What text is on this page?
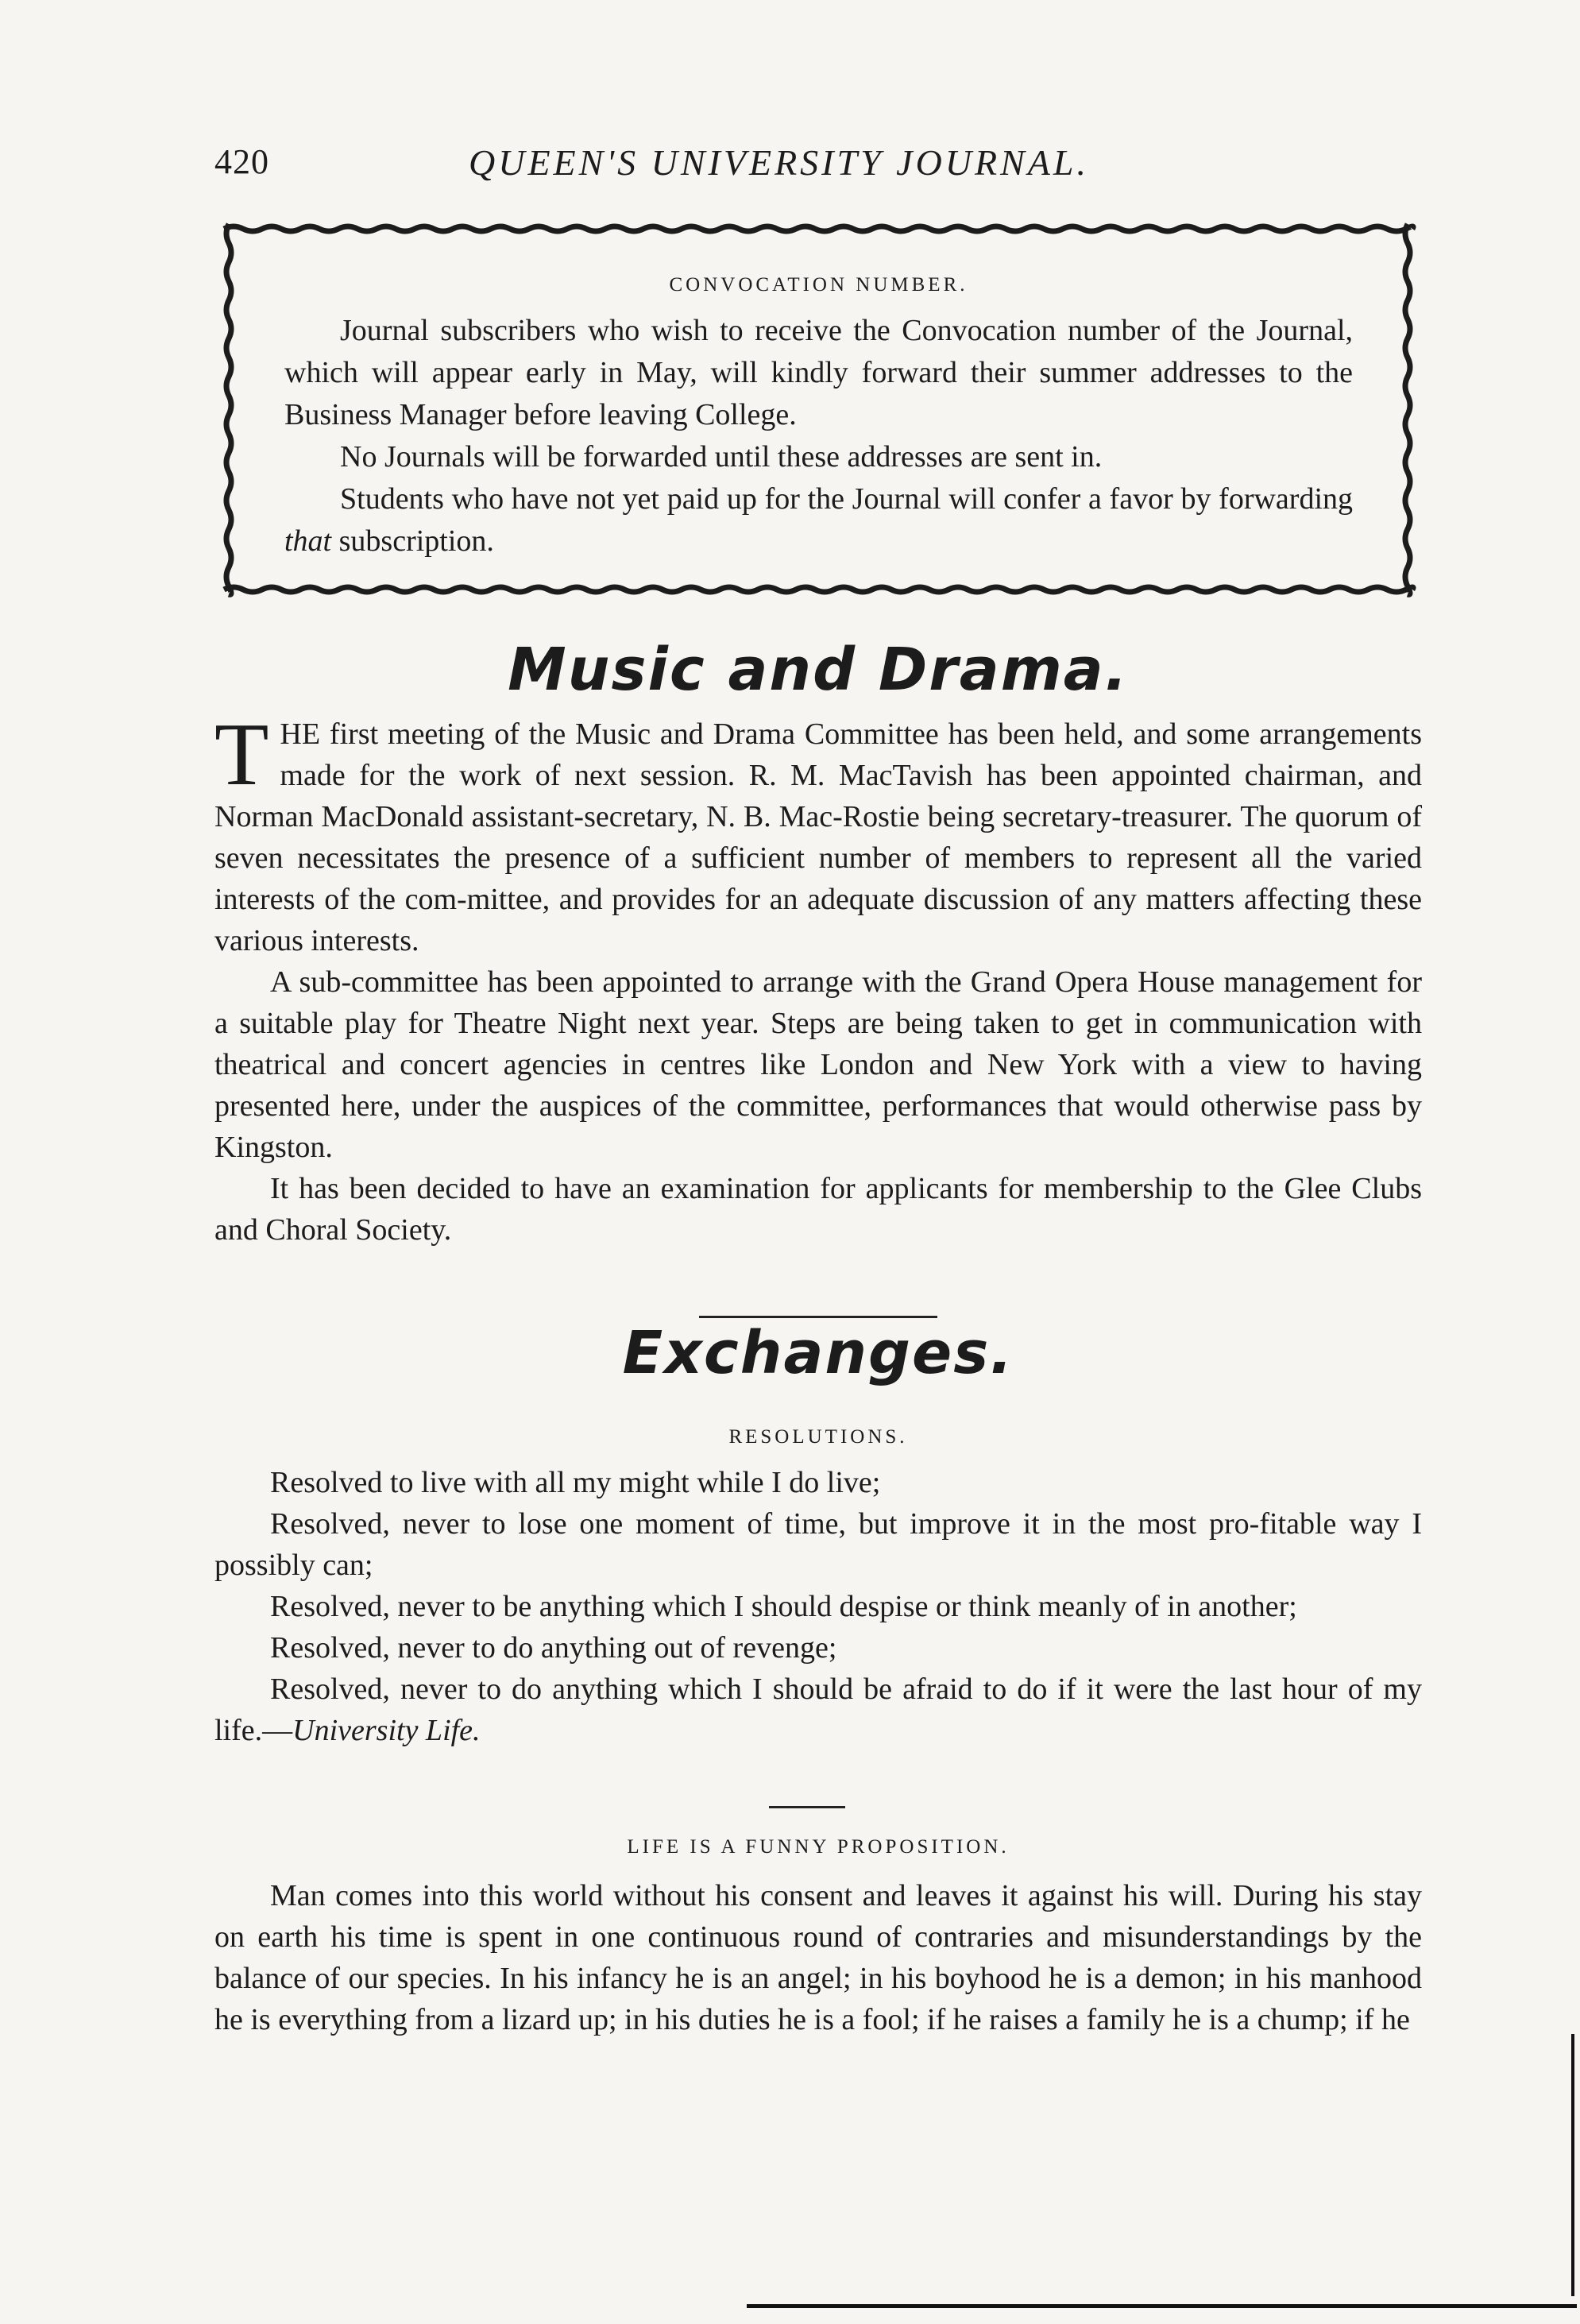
420	QUEEN'S UNIVERSITY JOURNAL.
CONVOCATION NUMBER.

Journal subscribers who wish to receive the Convocation number of the Journal, which will appear early in May, will kindly forward their summer addresses to the Business Manager before leaving College.

No Journals will be forwarded until these addresses are sent in.

Students who have not yet paid up for the Journal will confer a favor by forwarding that subscription.

Music and Drama.

THE first meeting of the Music and Drama Committee has been held, and some arrangements made for the work of next session. R. M. MacTavish has been appointed chairman, and Norman MacDonald assistant-secretary, N. B. Mac-Rostie being secretary-treasurer. The quorum of seven necessitates the presence of a sufficient number of members to represent all the varied interests of the com-mittee, and provides for an adequate discussion of any matters affecting these various interests.

A sub-committee has been appointed to arrange with the Grand Opera House management for a suitable play for Theatre Night next year. Steps are being taken to get in communication with theatrical and concert agencies in centres like London and New York with a view to having presented here, under the auspices of the committee, performances that would otherwise pass by Kingston.

It has been decided to have an examination for applicants for membership to the Glee Clubs and Choral Society.

Exchanges.
RESOLUTIONS.

Resolved to live with all my might while I do live;

Resolved, never to lose one moment of time, but improve it in the most pro-fitable way I possibly can;

Resolved, never to be anything which I should despise or think meanly of in another;

Resolved, never to do anything out of revenge;

Resolved, never to do anything which I should be afraid to do if it were the last hour of my life.—University Life.

LIFE IS A FUNNY PROPOSITION.

Man comes into this world without his consent and leaves it against his will. During his stay on earth his time is spent in one continuous round of contraries and misunderstandings by the balance of our species. In his infancy he is an angel; in his boyhood he is a demon; in his manhood he is everything from a lizard up; in his duties he is a fool; if he raises a family he is a chump; if he
